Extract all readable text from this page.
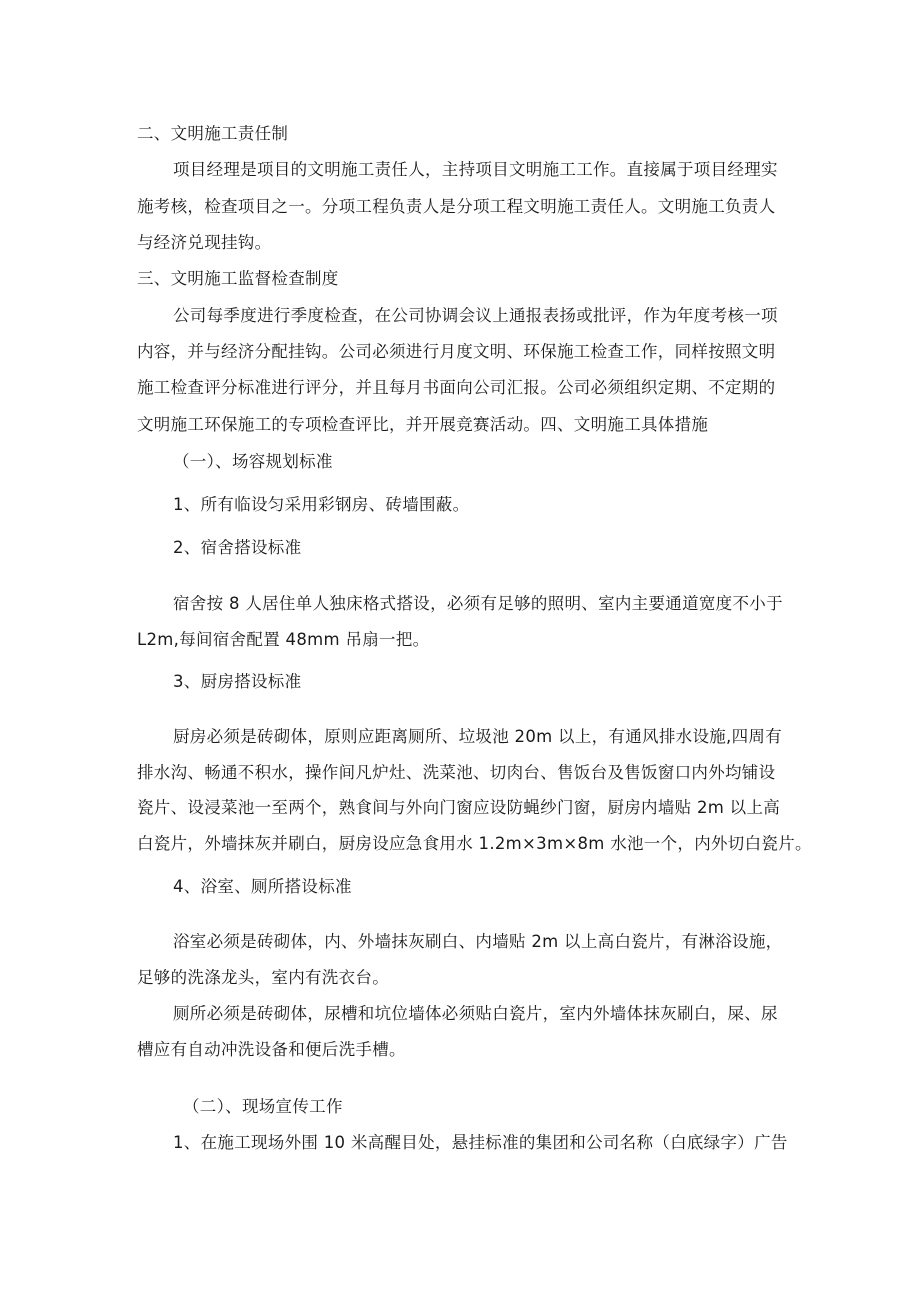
二、文明施工责任制
项目经理是项目的文明施工责任人，主持项目文明施工工作。直接属于项目经理实
施考核，检查项目之一。分项工程负责人是分项工程文明施工责任人。文明施工负责人
与经济兑现挂钩。
三、文明施工监督检查制度
公司每季度进行季度检查，在公司协调会议上通报表扬或批评，作为年度考核一项
内容，并与经济分配挂钩。公司必须进行月度文明、环保施工检查工作，同样按照文明
施工检查评分标准进行评分，并且每月书面向公司汇报。公司必须组织定期、不定期的
文明施工环保施工的专项检查评比，并开展竞赛活动。四、文明施工具体措施
（一）、场容规划标准
1、所有临设匀采用彩钢房、砖墙围蔽。
2、宿舍搭设标准
宿舍按 8 人居住单人独床格式搭设，必须有足够的照明、室内主要通道宽度不小于
L2m,每间宿舍配置 48mm 吊扇一把。
3、厨房搭设标准
厨房必须是砖砌体，原则应距离厕所、垃圾池 20m 以上，有通风排水设施,四周有
排水沟、畅通不积水，操作间凡炉灶、洗菜池、切肉台、售饭台及售饭窗口内外均铺设
瓷片、设浸菜池一至两个，熟食间与外向门窗应设防蝇纱门窗，厨房内墙贴 2m 以上高
白瓷片，外墙抹灰并刷白，厨房设应急食用水 1.2m×3m×8m 水池一个，内外切白瓷片。
4、浴室、厕所搭设标准
浴室必须是砖砌体，内、外墙抹灰刷白、内墙贴 2m 以上高白瓷片，有淋浴设施，
足够的洗涤龙头，室内有洗衣台。
厕所必须是砖砌体，尿槽和坑位墙体必须贴白瓷片，室内外墙体抹灰刷白，屎、尿
槽应有自动冲洗设备和便后洗手槽。
（二）、现场宣传工作
1、在施工现场外围 10 米高醒目处，悬挂标准的集团和公司名称（白底绿字）广告
